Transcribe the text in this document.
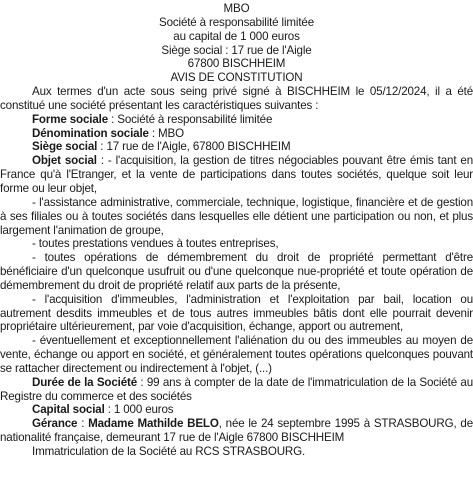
MBO
Société à responsabilité limitée
au capital de 1 000 euros
Siège social : 17 rue de l'Aigle
67800 BISCHHEIM
AVIS DE CONSTITUTION
Aux termes d'un acte sous seing privé signé à BISCHHEIM le 05/12/2024, il a été constitué une société présentant les caractéristiques suivantes :
Forme sociale : Société à responsabilité limitée
Dénomination sociale : MBO
Siège social : 17 rue de l'Aigle, 67800 BISCHHEIM
Objet social : - l'acquisition, la gestion de titres négociables pouvant être émis tant en France qu'à l'Etranger, et la vente de participations dans toutes sociétés, quelque soit leur forme ou leur objet,
- l'assistance administrative, commerciale, technique, logistique, financière et de gestion à ses filiales ou à toutes sociétés dans lesquelles elle détient une participation ou non, et plus largement l'animation de groupe,
- toutes prestations vendues à toutes entreprises,
- toutes opérations de démembrement du droit de propriété permettant d'être bénéficiaire d'un quelconque usufruit ou d'une quelconque nue-propriété et toute opération de démembrement du droit de propriété relatif aux parts de la présente,
- l'acquisition d'immeubles, l'administration et l'exploitation par bail, location ou autrement desdits immeubles et de tous autres immeubles bâtis dont elle pourrait devenir propriétaire ultérieurement, par voie d'acquisition, échange, apport ou autrement,
- éventuellement et exceptionnellement l'aliénation du ou des immeubles au moyen de vente, échange ou apport en société, et généralement toutes opérations quelconques pouvant se rattacher directement ou indirectement à l'objet, (...)
Durée de la Société : 99 ans à compter de la date de l'immatriculation de la Société au Registre du commerce et des sociétés
Capital social : 1 000 euros
Gérance : Madame Mathilde BELO, née le 24 septembre 1995 à STRASBOURG, de nationalité française, demeurant 17 rue de l'Aigle 67800 BISCHHEIM
Immatriculation de la Société au RCS STRASBOURG.
